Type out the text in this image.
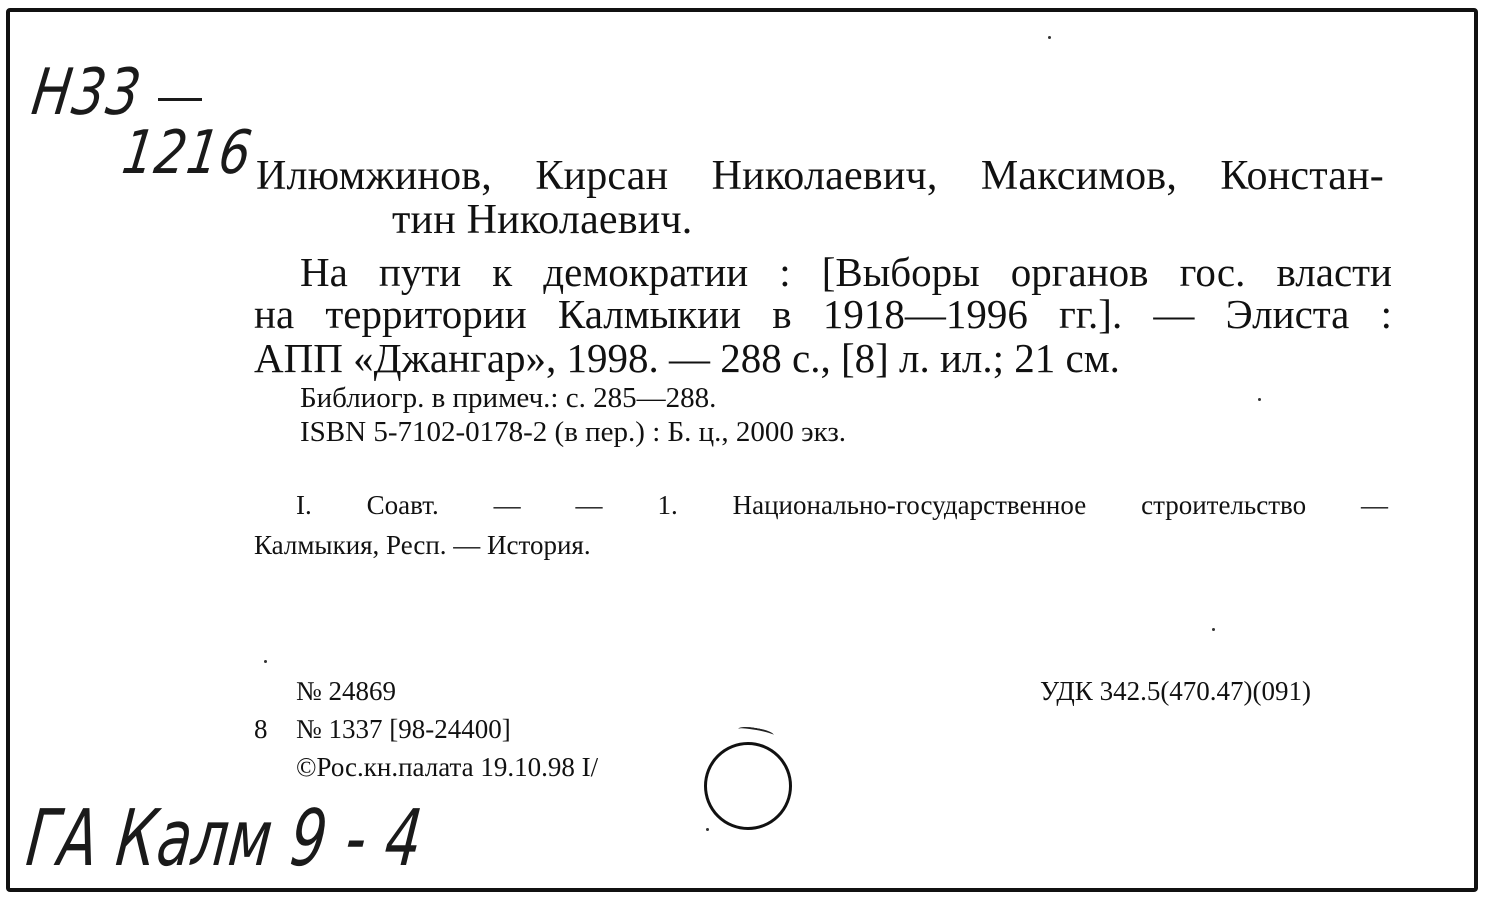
Н33
1216 Илюмжинов, Кирсан Николаевич, Максимов, Констан-
тин Николаевич.
На пути к демократии : [Выборы органов гос. власти
на территории Калмыкии в 1918—1996 гг.]. — Элиста :
АПП «Джангар», 1998. — 288 с., [8] л. ил.; 21 см.
Библиогр. в примеч.: с. 285—288.
ISBN 5-7102-0178-2 (в пер.) : Б. ц., 2000 экз.
I. Соавт. — — 1. Национально-государственное строительство —
Калмыкия, Респ. — История.
№ 24869
8 № 1337 [98-24400]
©Рос.кн.палата 19.10.98 I/
УДК 342.5(470.47)(091)
ГА Калм 9 - 4
